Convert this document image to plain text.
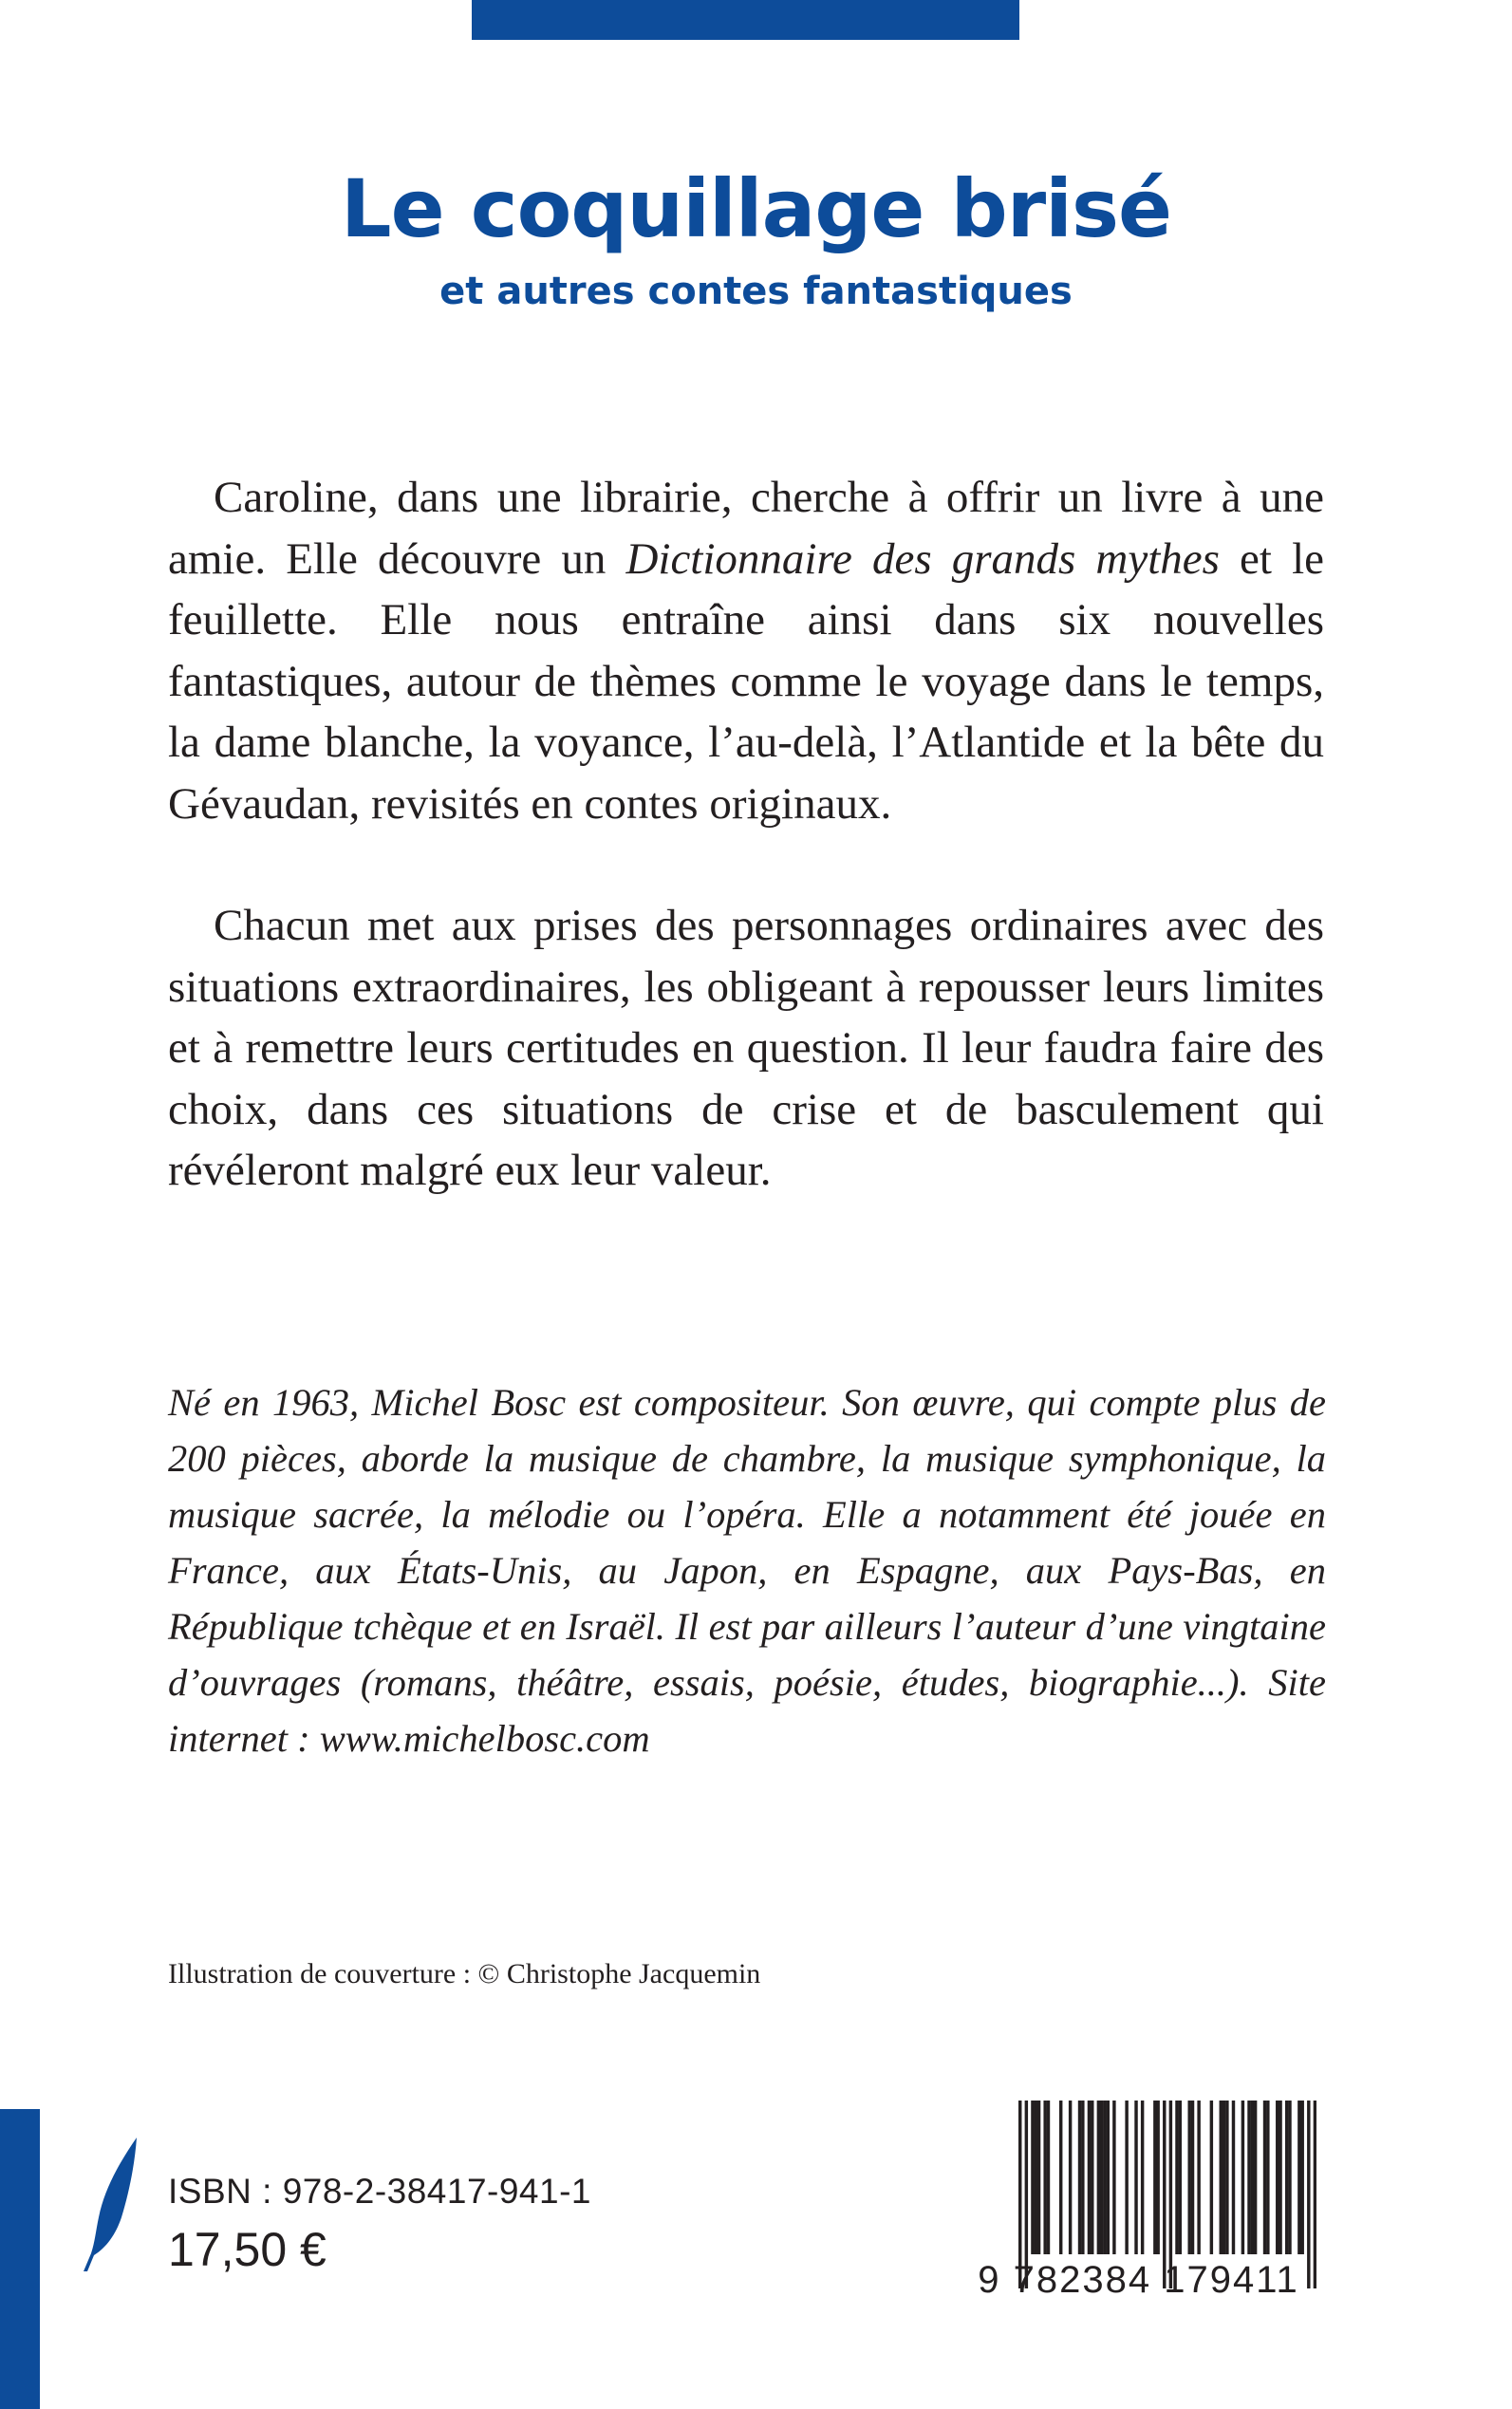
Le coquillage brisé
et autres contes fantastiques

Caroline, dans une librairie, cherche à offrir un livre à une amie. Elle découvre un Dictionnaire des grands mythes et le feuillette. Elle nous entraîne ainsi dans six nouvelles fantastiques, autour de thèmes comme le voyage dans le temps, la dame blanche, la voyance, l’au-delà, l’Atlantide et la bête du Gévaudan, revisités en contes originaux.

Chacun met aux prises des personnages ordinaires avec des situations extraordinaires, les obligeant à repousser leurs limites et à remettre leurs certitudes en question. Il leur faudra faire des choix, dans ces situations de crise et de basculement qui révéleront malgré eux leur valeur.

Né en 1963, Michel Bosc est compositeur. Son œuvre, qui compte plus de 200 pièces, aborde la musique de chambre, la musique symphonique, la musique sacrée, la mélodie ou l’opéra. Elle a notamment été jouée en France, aux États-Unis, au Japon, en Espagne, aux Pays-Bas, en République tchèque et en Israël. Il est par ailleurs l’auteur d’une vingtaine d’ouvrages (romans, théâtre, essais, poésie, études, biographie...). Site internet : www.michelbosc.com

Illustration de couverture : © Christophe Jacquemin
ISBN : 978-2-38417-941-1
17,50 €
9 782384 179411
